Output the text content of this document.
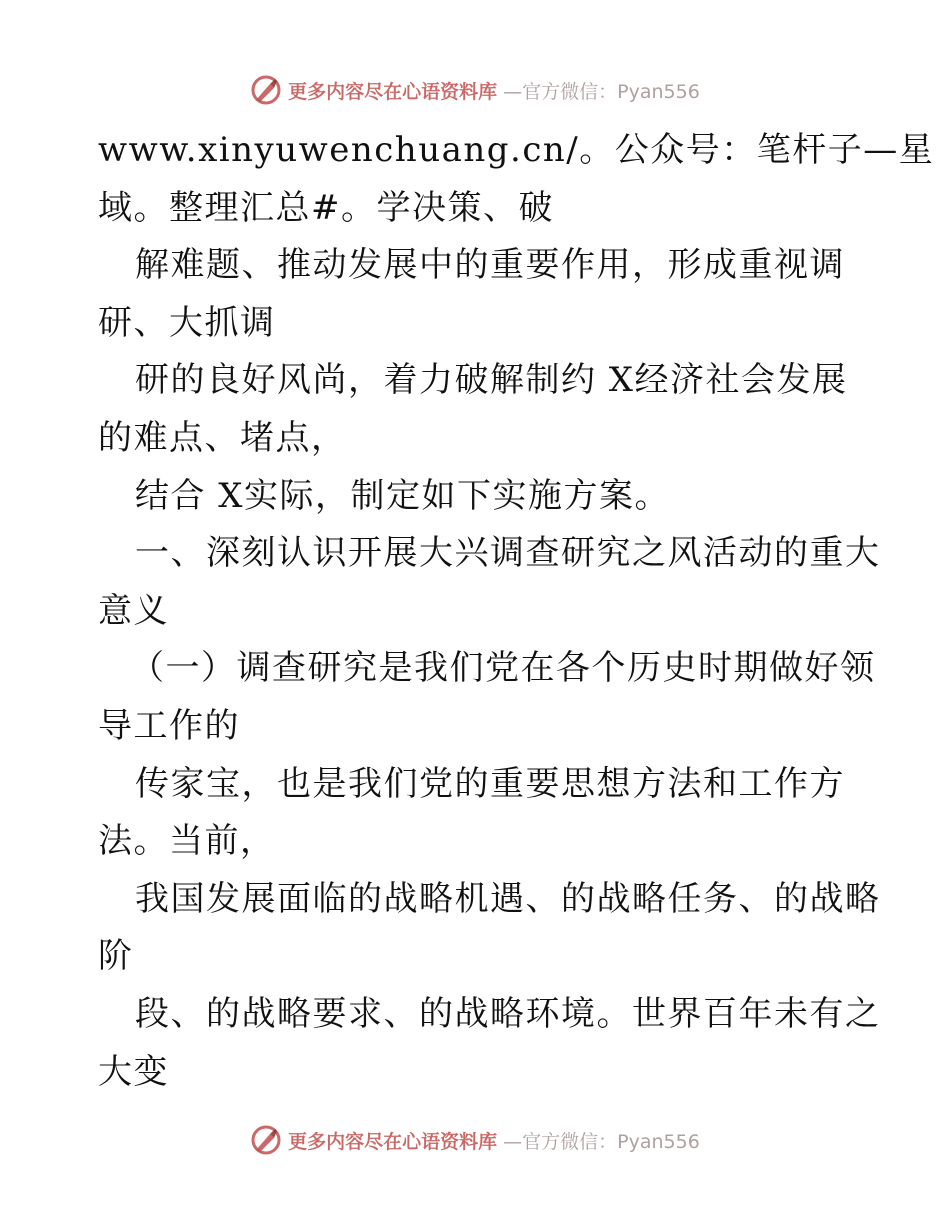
更多内容尽在心语资料库 —官方微信：Pyan556
www.xinyuwenchuang.cn/。公众号：笔杆子—星
域。整理汇总#。学决策、破
解难题、推动发展中的重要作用，形成重视调
研、大抓调
研的良好风尚，着力破解制约 X经济社会发展
的难点、堵点，
结合 X实际，制定如下实施方案。
一、深刻认识开展大兴调查研究之风活动的重大
意义
（一）调查研究是我们党在各个历史时期做好领
导工作的
传家宝，也是我们党的重要思想方法和工作方
法。当前，
我国发展面临的战略机遇、的战略任务、的战略
阶
段、的战略要求、的战略环境。世界百年未有之
大变
更多内容尽在心语资料库 —官方微信：Pyan556
